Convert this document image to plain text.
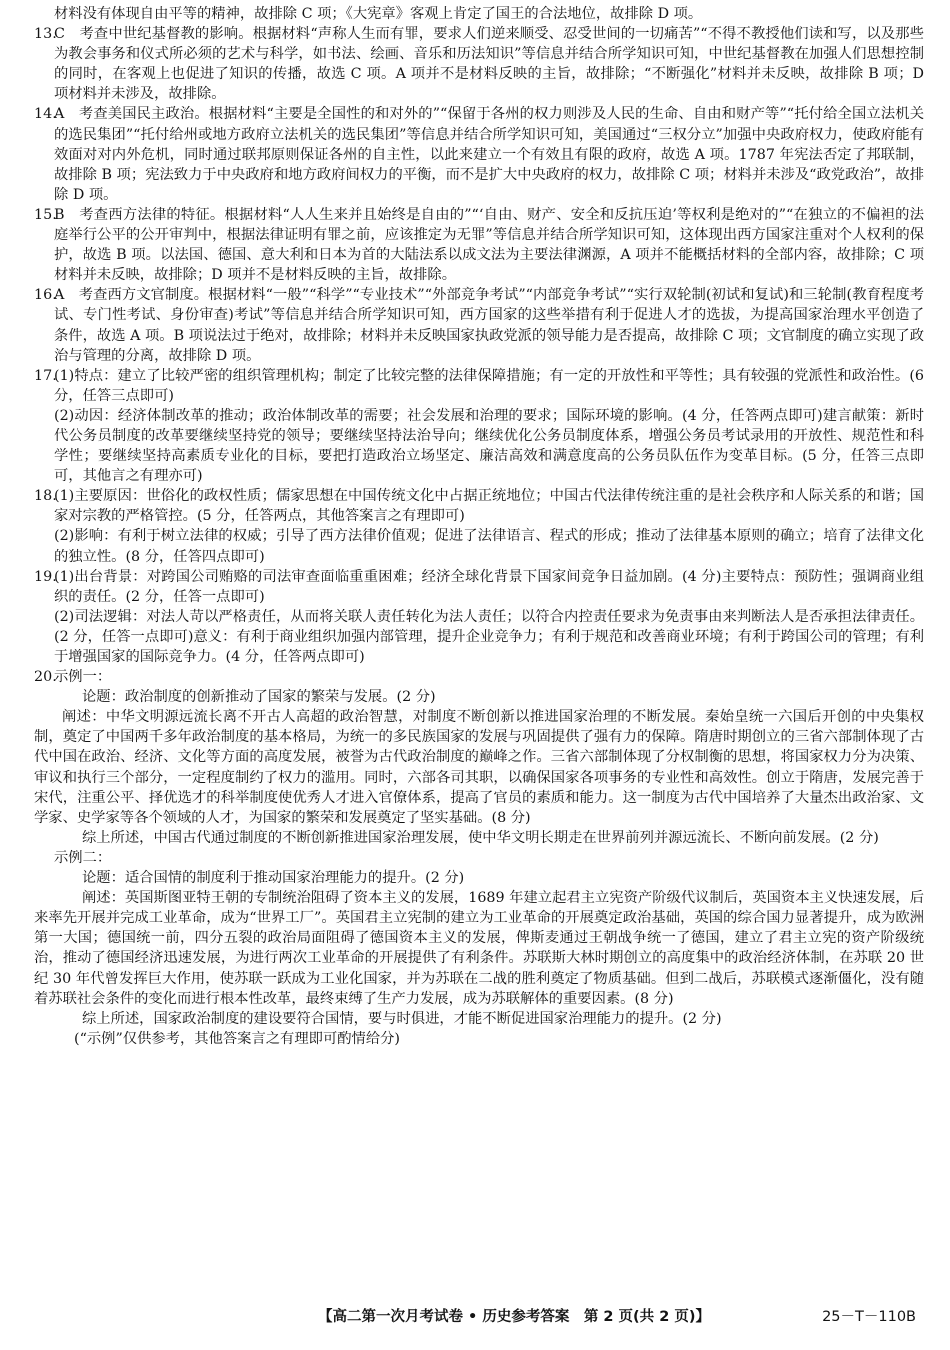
材料没有体现自由平等的精神，故排除 C 项；《大宪章》客观上肯定了国王的合法地位，故排除 D 项。

13.C　考查中世纪基督教的影响。根据材料“声称人生而有罪，要求人们逆来顺受、忍受世间的一切痛苦”“不得不教授他们读和写，以及那些为教会事务和仪式所必须的艺术与科学，如书法、绘画、音乐和历法知识”等信息并结合所学知识可知，中世纪基督教在加强人们思想控制的同时，在客观上也促进了知识的传播，故选 C 项。A 项并不是材料反映的主旨，故排除；“不断强化”材料并未反映，故排除 B 项；D 项材料并未涉及，故排除。

14.A　考查美国民主政治。根据材料“主要是全国性的和对外的”“保留于各州的权力则涉及人民的生命、自由和财产等”“托付给全国立法机关的选民集团”“托付给州或地方政府立法机关的选民集团”等信息并结合所学知识可知，美国通过“三权分立”加强中央政府权力，使政府能有效面对对内外危机，同时通过联邦原则保证各州的自主性，以此来建立一个有效且有限的政府，故选 A 项。1787 年宪法否定了邦联制，故排除 B 项；宪法致力于中央政府和地方政府间权力的平衡，而不是扩大中央政府的权力，故排除 C 项；材料并未涉及“政党政治”，故排除 D 项。

15.B　考查西方法律的特征。根据材料“人人生来并且始终是自由的”“‘自由、财产、安全和反抗压迫’等权利是绝对的”“在独立的不偏袒的法庭举行公平的公开审判中，根据法律证明有罪之前，应该推定为无罪”等信息并结合所学知识可知，这体现出西方国家注重对个人权利的保护，故选 B 项。以法国、德国、意大利和日本为首的大陆法系以成文法为主要法律渊源，A 项并不能概括材料的全部内容，故排除；C 项材料并未反映，故排除；D 项并不是材料反映的主旨，故排除。

16.A　考查西方文官制度。根据材料“一般”“科学”“专业技术”“外部竞争考试”“内部竞争考试”“实行双轮制(初试和复试)和三轮制(教育程度考试、专门性考试、身份审查)考试”等信息并结合所学知识可知，西方国家的这些举措有利于促进人才的选拔，为提高国家治理水平创造了条件，故选 A 项。B 项说法过于绝对，故排除；材料并未反映国家执政党派的领导能力是否提高，故排除 C 项；文官制度的确立实现了政治与管理的分离，故排除 D 项。

17.(1)特点：建立了比较严密的组织管理机构；制定了比较完整的法律保障措施；有一定的开放性和平等性；具有较强的党派性和政治性。(6 分，任答三点即可)

(2)动因：经济体制改革的推动；政治体制改革的需要；社会发展和治理的要求；国际环境的影响。(4 分，任答两点即可)建言献策：新时代公务员制度的改革要继续坚持党的领导；要继续坚持法治导向；继续优化公务员制度体系，增强公务员考试录用的开放性、规范性和科学性；要继续坚持高素质专业化的目标，要把打造政治立场坚定、廉洁高效和满意度高的公务员队伍作为变革目标。(5 分，任答三点即可，其他言之有理亦可)

18.(1)主要原因：世俗化的政权性质；儒家思想在中国传统文化中占据正统地位；中国古代法律传统注重的是社会秩序和人际关系的和谐；国家对宗教的严格管控。(5 分，任答两点，其他答案言之有理即可)

(2)影响：有利于树立法律的权威；引导了西方法律价值观；促进了法律语言、程式的形成；推动了法律基本原则的确立；培育了法律文化的独立性。(8 分，任答四点即可)

19.(1)出台背景：对跨国公司贿赂的司法审查面临重重困难；经济全球化背景下国家间竞争日益加剧。(4 分)主要特点：预防性；强调商业组织的责任。(2 分，任答一点即可)

(2)司法逻辑：对法人苛以严格责任，从而将关联人责任转化为法人责任；以符合内控责任要求为免责事由来判断法人是否承担法律责任。(2 分，任答一点即可)意义：有利于商业组织加强内部管理，提升企业竞争力；有利于规范和改善商业环境；有利于跨国公司的管理；有利于增强国家的国际竞争力。(4 分，任答两点即可)

20.示例一：

论题：政治制度的创新推动了国家的繁荣与发展。(2 分)

阐述：中华文明源远流长离不开古人高超的政治智慧，对制度不断创新以推进国家治理的不断发展。秦始皇统一六国后开创的中央集权制，奠定了中国两千多年政治制度的基本格局，为统一的多民族国家的发展与巩固提供了强有力的保障。隋唐时期创立的三省六部制体现了古代中国在政治、经济、文化等方面的高度发展，被誉为古代政治制度的巅峰之作。三省六部制体现了分权制衡的思想，将国家权力分为决策、审议和执行三个部分，一定程度制约了权力的滥用。同时，六部各司其职，以确保国家各项事务的专业性和高效性。创立于隋唐，发展完善于宋代，注重公平、择优选才的科举制度使优秀人才进入官僚体系，提高了官员的素质和能力。这一制度为古代中国培养了大量杰出政治家、文学家、史学家等各个领域的人才，为国家的繁荣和发展奠定了坚实基础。(8 分)

综上所述，中国古代通过制度的不断创新推进国家治理发展，使中华文明长期走在世界前列并源远流长、不断向前发展。(2 分)

示例二：

论题：适合国情的制度利于推动国家治理能力的提升。(2 分)

阐述：英国斯图亚特王朝的专制统治阻碍了资本主义的发展，1689 年建立起君主立宪资产阶级代议制后，英国资本主义快速发展，后来率先开展并完成工业革命，成为“世界工厂”。英国君主立宪制的建立为工业革命的开展奠定政治基础，英国的综合国力显著提升，成为欧洲第一大国；德国统一前，四分五裂的政治局面阻碍了德国资本主义的发展，俾斯麦通过王朝战争统一了德国，建立了君主立宪的资产阶级统治，推动了德国经济迅速发展，为进行两次工业革命的开展提供了有利条件。苏联斯大林时期创立的高度集中的政治经济体制，在苏联 20 世纪 30 年代曾发挥巨大作用，使苏联一跃成为工业化国家，并为苏联在二战的胜利奠定了物质基础。但到二战后，苏联模式逐渐僵化，没有随着苏联社会条件的变化而进行根本性改革，最终束缚了生产力发展，成为苏联解体的重要因素。(8 分)

综上所述，国家政治制度的建设要符合国情，要与时俱进，才能不断促进国家治理能力的提升。(2 分)

(“示例”仅供参考，其他答案言之有理即可酌情给分)

【高二第一次月考试卷 • 历史参考答案　第 2 页(共 2 页)】	25－T－110B
